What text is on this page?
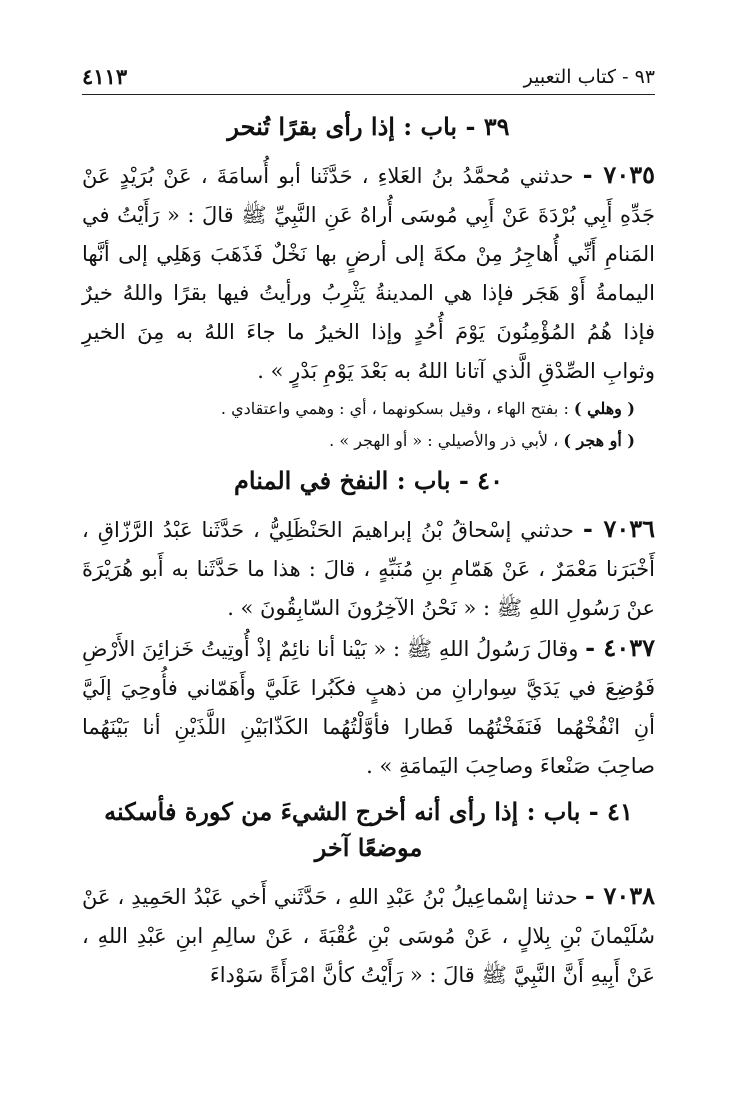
٩٣ - كتاب التعبير
٤١١٣
٣٩ - باب : إذا رأى بقرًا تُنحر

٧٠٣٥ - حدثني مُحمَّدُ بنُ العَلاءِ ، حَدَّثَنا أبو أُسامَةَ ، عَنْ بُرَيْدٍ عَنْ جَدِّهِ أَبِي بُرْدَةَ عَنْ أَبِي مُوسَى أُراهُ عَنِ النَّبِيِّ ﷺ قالَ : « رَأَيْتُ في المَنامِ أَنِّي أُهاجِرُ مِنْ مكةَ إلى أرضٍ بها نَخْلٌ فَذَهَبَ وَهَلِي إلى أنَّها اليمامةُ أَوْ هَجَر فإذا هي المدينةُ يَثْرِبُ ورأيتُ فيها بقرًا واللهُ خيرٌ فإذا هُمُ المُؤْمِنُونَ يَوْمَ أُحُدٍ وإذا الخيرُ ما جاءَ اللهُ به مِنَ الخيرِ وثوابِ الصِّدْقِ الَّذي آتانا اللهُ به بَعْدَ يَوْمِ بَدْرٍ » .

( وهلي ) : بفتح الهاء ، وقيل بسكونهما ، أي : وهمي واعتقادي .

( أو هجر ) ، لأبي ذر والأصيلي : « أو الهجر » .

٤٠ - باب : النفخ في المنام

٧٠٣٦ - حدثني إسْحاقُ بْنُ إبراهيمَ الحَنْظَلِيُّ ، حَدَّثَنا عَبْدُ الرَّزّاقِ ، أَخْبَرَنا مَعْمَرٌ ، عَنْ هَمّامِ بنِ مُنَبِّهٍ ، قالَ : هذا ما حَدَّثَنا به أَبو هُرَيْرَةَ عنْ رَسُولِ اللهِ ﷺ : « نَحْنُ الآخِرُونَ السّابِقُونَ » .

٤٠٣٧ - وقالَ رَسُولُ اللهِ ﷺ : « بَيْنا أنا نائِمٌ إذْ أُوتِيتُ خَزائِنَ الأَرْضِ فَوُضِعَ في يَدَيَّ سِوارانِ من ذهبٍ فكَبُرا عَلَيَّ وأَهَمّاني فأُوحِيَ إلَيَّ أنِ انْفُخْهُما فَنَفَخْتُهُما فَطارا فأوَّلْتُهُما الكَذّابَيْنِ اللَّذَيْنِ أنا بَيْنَهُما صاحِبَ صَنْعاءَ وصاحِبَ اليَمامَةِ » .

٤١ - باب : إذا رأى أنه أخرج الشيءَ من كورة فأسكنه موضعًا آخر

٧٠٣٨ - حدثنا إسْماعِيلُ بْنُ عَبْدِ اللهِ ، حَدَّثَني أَخي عَبْدُ الحَمِيدِ ، عَنْ سُلَيْمانَ بْنِ بِلالٍ ، عَنْ مُوسَى بْنِ عُقْبَةَ ، عَنْ سالِمِ ابنِ عَبْدِ اللهِ ، عَنْ أَبِيهِ أَنَّ النَّبِيَّ ﷺ قالَ : « رَأَيْتُ كأنَّ امْرَأَةً سَوْداءَ
